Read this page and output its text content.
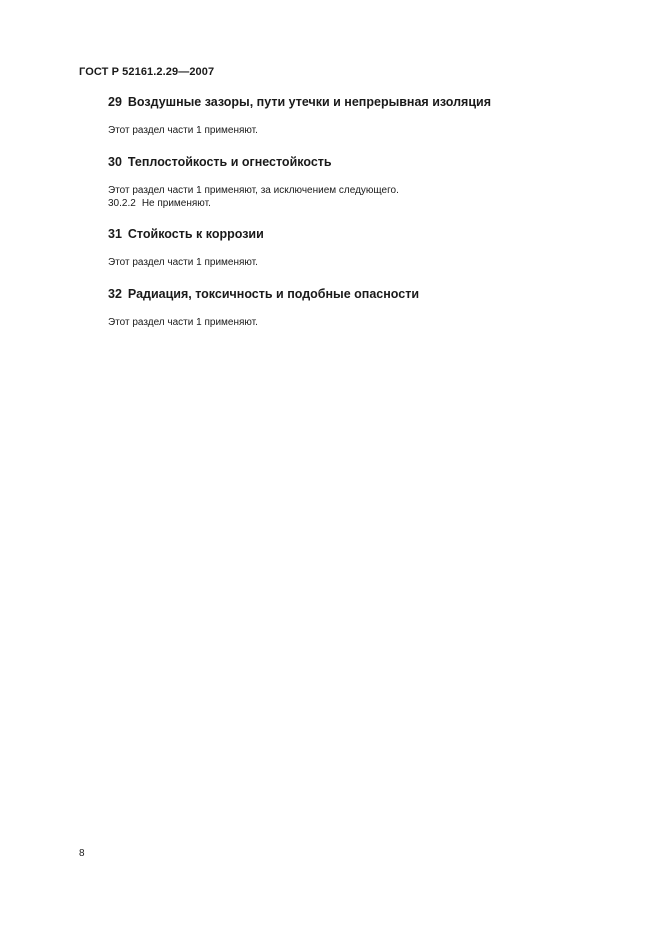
ГОСТ Р 52161.2.29—2007
29 Воздушные зазоры, пути утечки и непрерывная изоляция

Этот раздел части 1 применяют.

30 Теплостойкость и огнестойкость

Этот раздел части 1 применяют, за исключением следующего.

30.2.2 Не применяют.

31 Стойкость к коррозии

Этот раздел части 1 применяют.

32 Радиация, токсичность и подобные опасности

Этот раздел части 1 применяют.

8
